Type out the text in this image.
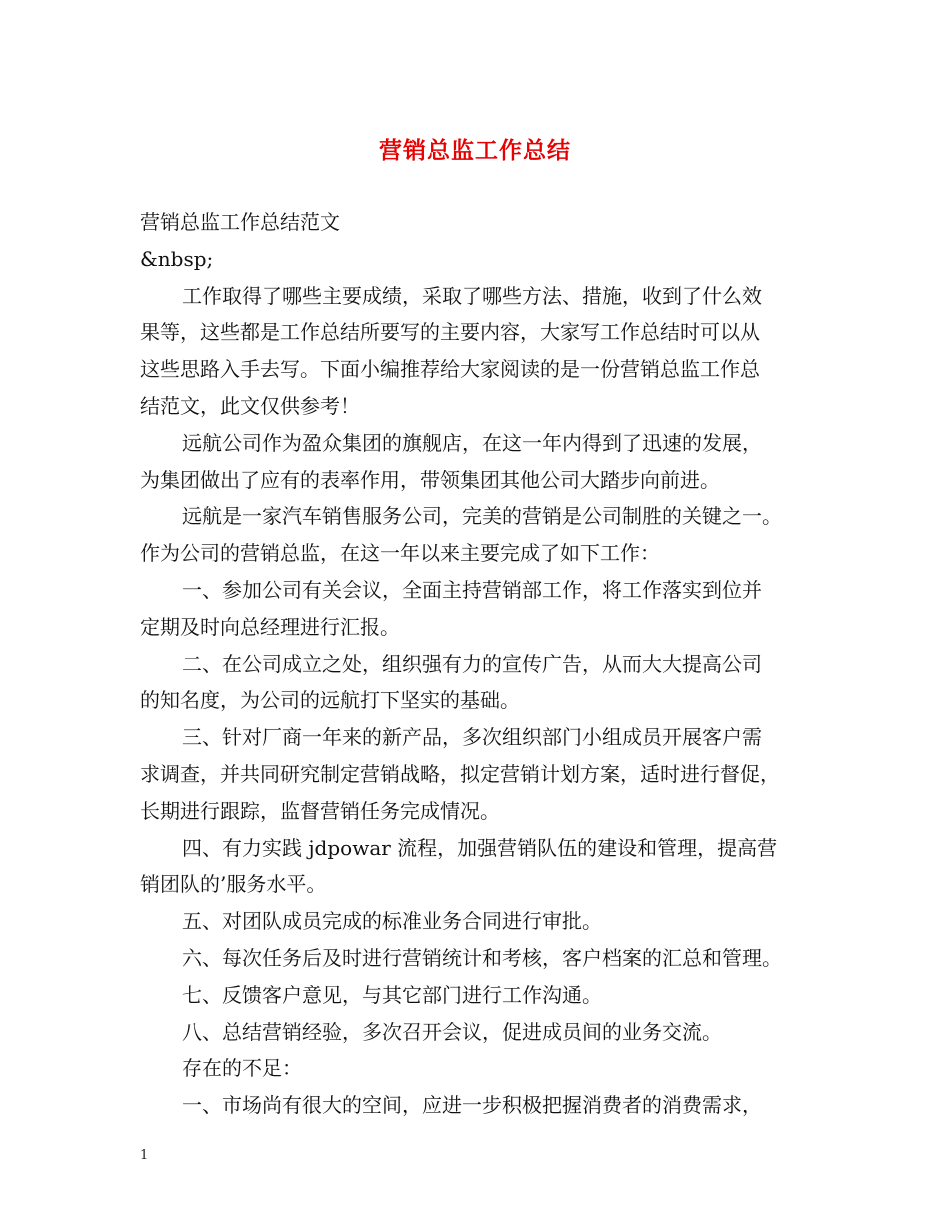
营销总监工作总结
营销总监工作总结范文
&nbsp;
工作取得了哪些主要成绩，采取了哪些方法、措施，收到了什么效
果等，这些都是工作总结所要写的主要内容，大家写工作总结时可以从
这些思路入手去写。下面小编推荐给大家阅读的是一份营销总监工作总
结范文，此文仅供参考！
远航公司作为盈众集团的旗舰店，在这一年内得到了迅速的发展，
为集团做出了应有的表率作用，带领集团其他公司大踏步向前进。
远航是一家汽车销售服务公司，完美的营销是公司制胜的关键之一。
作为公司的营销总监，在这一年以来主要完成了如下工作：
一、参加公司有关会议，全面主持营销部工作，将工作落实到位并
定期及时向总经理进行汇报。
二、在公司成立之处，组织强有力的宣传广告，从而大大提高公司
的知名度，为公司的远航打下坚实的基础。
三、针对厂商一年来的新产品，多次组织部门小组成员开展客户需
求调查，并共同研究制定营销战略，拟定营销计划方案，适时进行督促，
长期进行跟踪，监督营销任务完成情况。
四、有力实践 jdpowar 流程，加强营销队伍的建设和管理，提高营
销团队的’服务水平。
五、对团队成员完成的标准业务合同进行审批。
六、每次任务后及时进行营销统计和考核，客户档案的汇总和管理。
七、反馈客户意见，与其它部门进行工作沟通。
八、总结营销经验，多次召开会议，促进成员间的业务交流。
存在的不足：
一、市场尚有很大的空间，应进一步积极把握消费者的消费需求，
1
